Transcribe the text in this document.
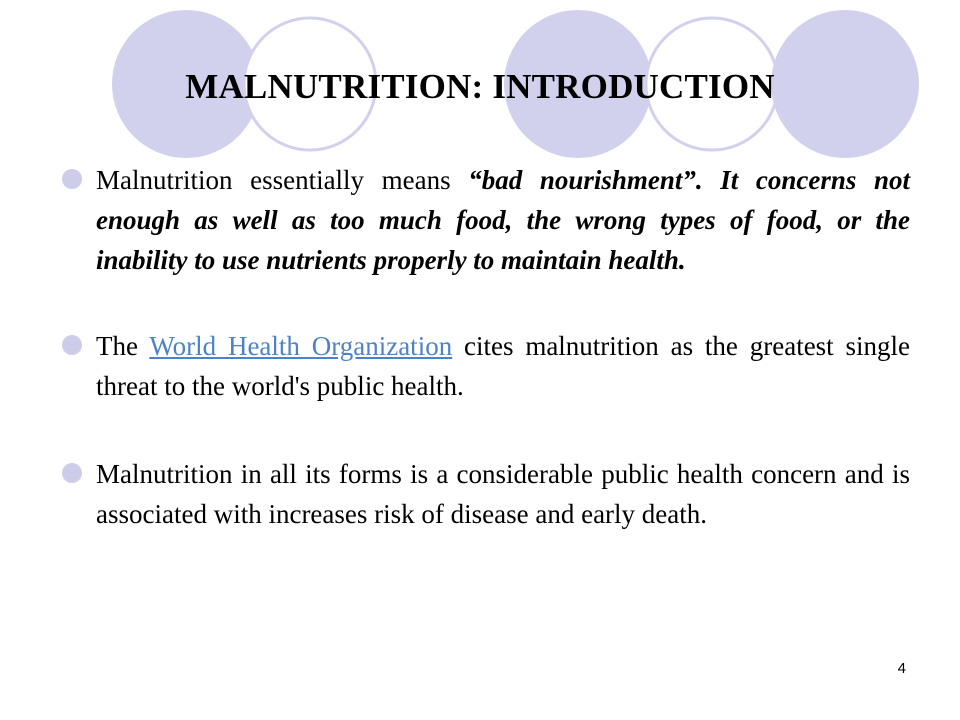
MALNUTRITION: INTRODUCTION
Malnutrition essentially means “bad nourishment”. It concerns not enough as well as too much food, the wrong types of food, or the inability to use nutrients properly to maintain health.
The World Health Organization cites malnutrition as the greatest single threat to the world's public health.
Malnutrition in all its forms is a considerable public health concern and is associated with increases risk of disease and early death.
4
